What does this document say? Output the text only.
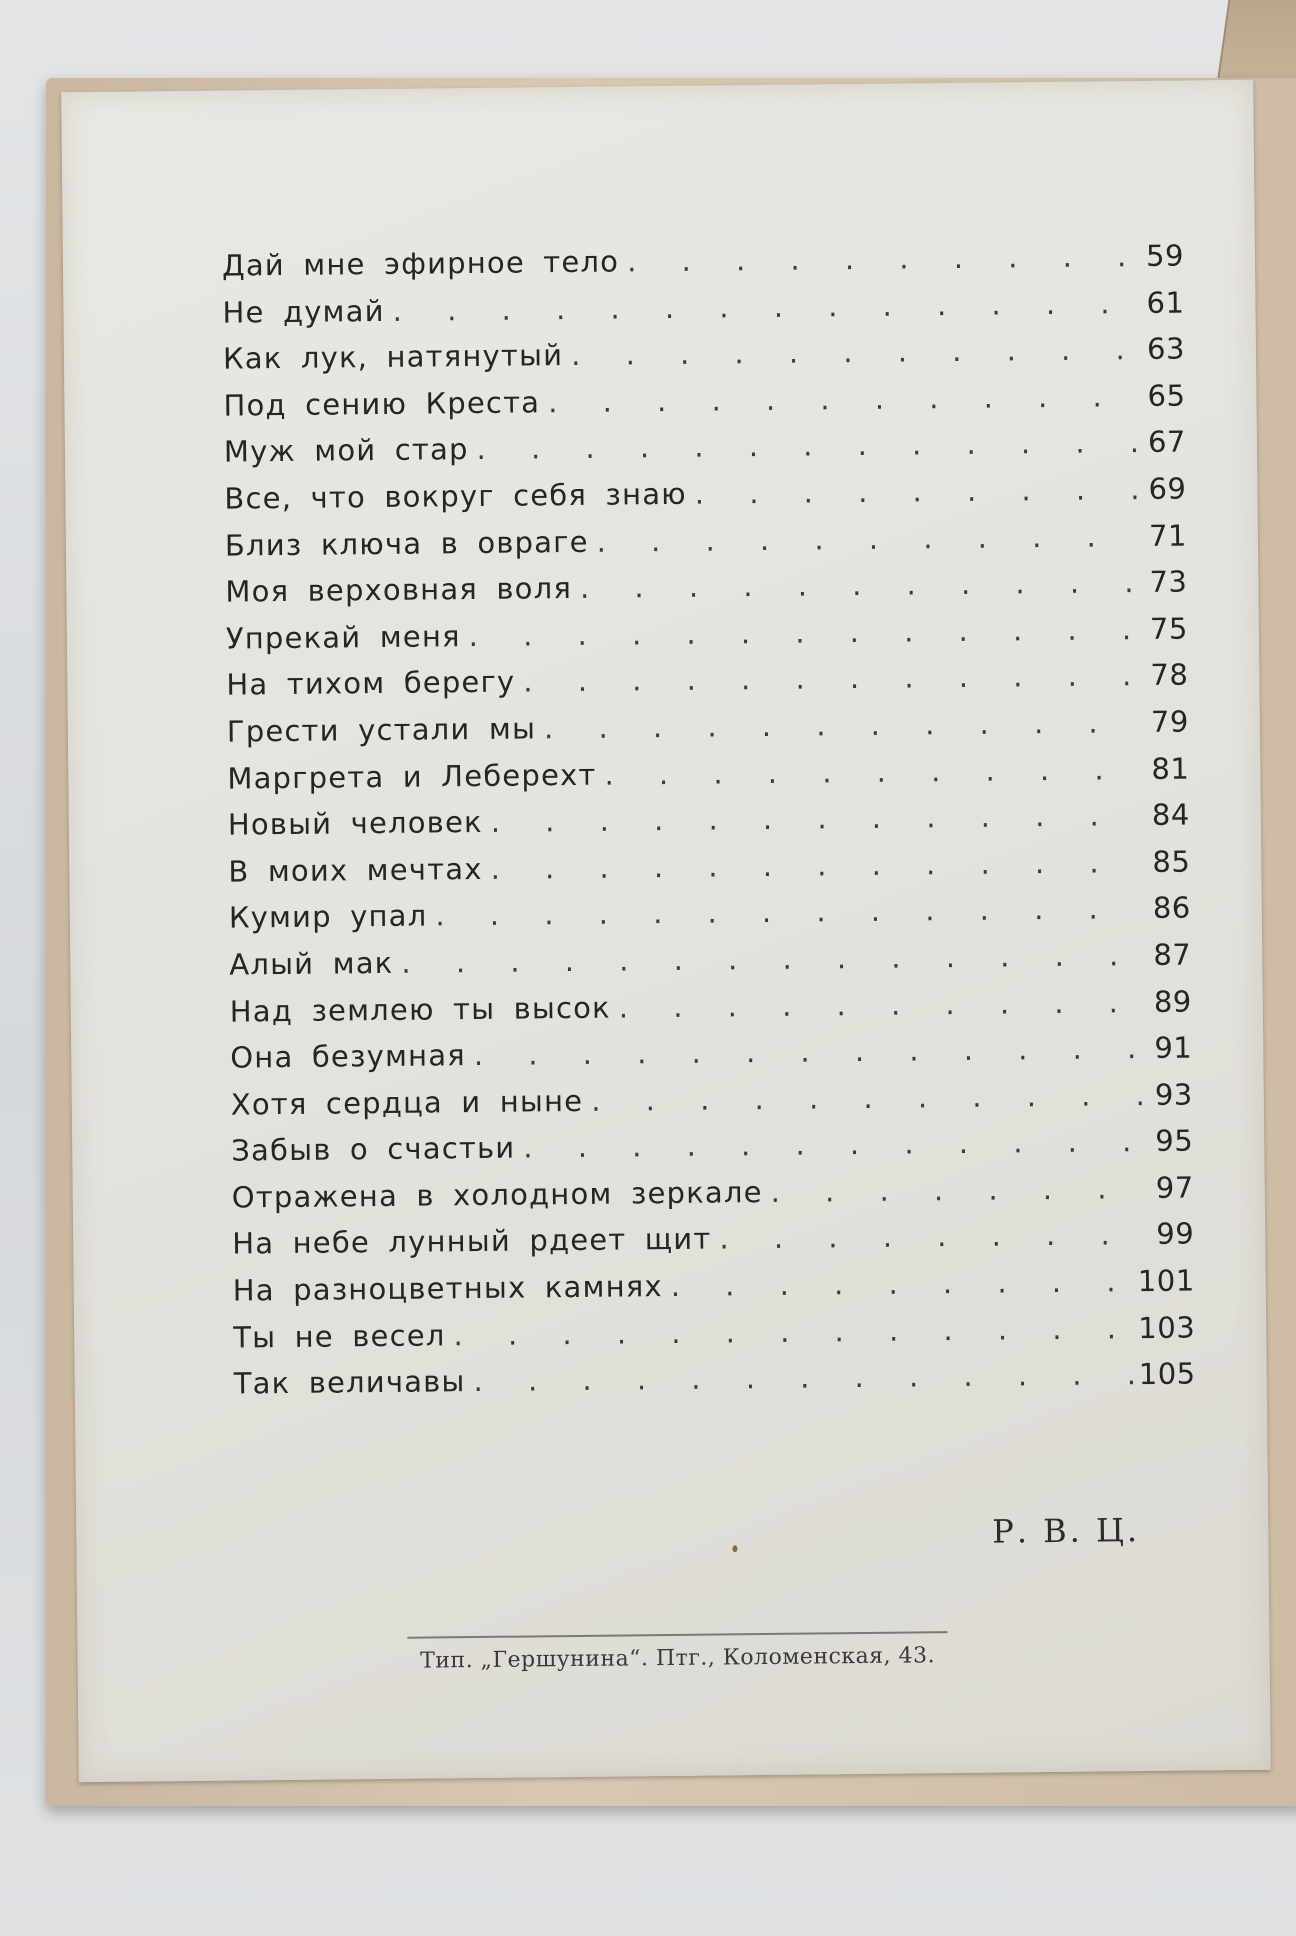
Дай мне эфирное тело . . .	59
Не думай . . .	61
Как лук, натянутый . . .	63
Под сению Креста . . .	65
Муж мой стар . . .	67
Все, что вокруг себя знаю . . .	69
Близ ключа в овраге . . .	71
Моя верховная воля . . .	73
Упрекай меня . . .	75
На тихом берегу . . .	78
Грести устали мы . . .	79
Маргрета и Леберехт . . .	81
Новый человек . . .	84
В моих мечтах . . .	85
Кумир упал . . .	86
Алый мак . . .	87
Над землею ты высок . . .	89
Она безумная . . .	91
Хотя сердца и ныне . . .	93
Забыв о счастьи . . .	95
Отражена в холодном зеркале . . .	97
На небе лунный рдеет щит . . .	99
На разноцветных камнях . . .	101
Ты не весел . . .	103
Так величавы . . .	105
Р. В. Ц.
Тип. „Гершунина“. Птг., Коломенская, 43.
